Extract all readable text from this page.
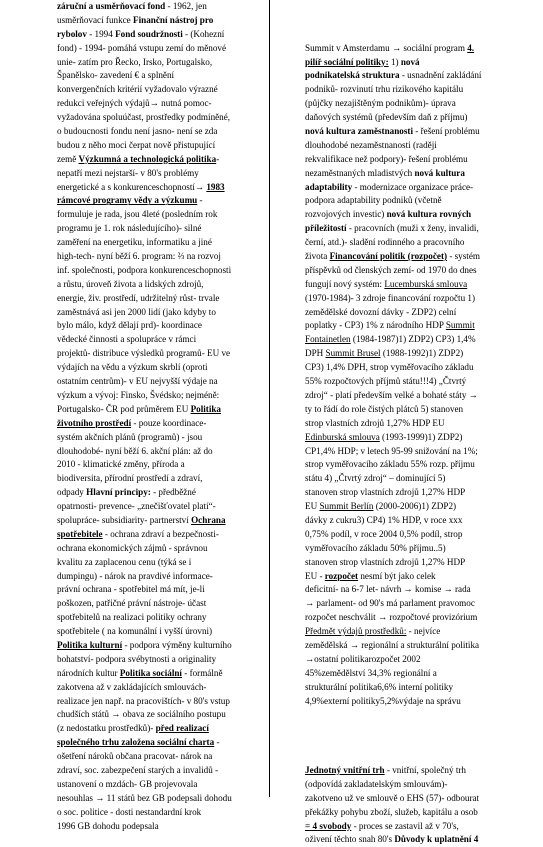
záruční a usměrňovací fond - 1962, jen
usměrňovací funkce Finanční nástroj pro
rybolov - 1994 Fond soudržnosti - (Kohezní
fond) - 1994- pomáhá vstupu zemí do měnové
unie- zatím pro Řecko, Irsko, Portugalsko,
Španělsko- zavedení € a splnění
konvergenčních kritérií vyžadovalo výrazné
redukci veřejných výdajů→ nutná pomoc-
vyžadována spoluúčast, prostředky podmíněné,
o budoucnosti fondu není jasno- není se zda
budou z něho moci čerpat nově přistupující
země Výzkumná a technologická politika-
nepatří mezi nejstarší- v 80's problémy
energetické a s konkurenceschopností→ 1983
rámcové programy vědy a výzkumu -
formuluje je rada, jsou 4leté (posledním rok
programu je 1. rok následujícího)- silné
zaměření na energetiku, informatiku a jiné
high-tech- nyní běží 6. program: ⅔ na rozvoj
inf. společnosti, podpora konkurenceschopnosti
a růstu, úroveň života a lidských zdrojů,
energie, živ. prostředí, udržitelný růst- trvale
zaměstnává asi jen 2000 lidí (jako kdyby to
bylo málo, když dělají prd)- koordinace
vědecké činnosti a spolupráce v rámci
projektů- distribuce výsledků programů- EU ve
výdajích na vědu a výzkum skrblí (oproti
ostatním centrům)- v EU nejvyšší výdaje na
výzkum a vývoj: Finsko, Švédsko; nejméně:
Portugalsko- ČR pod průměrem EU Politika
životního prostředí - pouze koordinace-
systém akčních plánů (programů) - jsou
dlouhodobé- nyní běží 6. akční plán: až do
2010 - klimatické změny, příroda a
biodiversita, přírodní prostředí a zdraví,
odpady Hlavní principy: - předběžné
opatrnosti- prevence- „znečišťovatel platí“-
spolupráce- subsidiarity- partnerství Ochrana
spotřebitele - ochrana zdraví a bezpečnosti-
ochrana ekonomických zájmů - správnou
kvalitu za zaplacenou cenu (týká se i
dumpingu) - nárok na pravdivé informace-
právní ochrana - spotřebitel má mít, je-li
poškozen, patřičné právní nástroje- účast
spotřebitelů na realizaci politiky ochrany
spotřebitele ( na komunální i vyšší úrovni)
Politika kulturní - podpora výměny kulturního
bohatství- podpora svébytnosti a originality
národních kultur Politika sociální - formálně
zakotvena až v zakládajících smlouvách-
realizace jen např. na pracovištích- v 80's vstup
chudších států → obava ze sociálního postupu
(z nedostatku prostředků)- před realizací
společného trhu založena sociální charta -
ošetření nároků občana pracovat- nárok na
zdraví, soc. zabezpečení starých a invalidů -
ustanovení o mzdách- GB projevovala
nesouhlas → 11 států bez GB podepsali dohodu
o soc. politice - dosti nestandardní krok
1996 GB dohodu podepsala
Summit v Amsterdamu → sociální program 4.
pilíř sociální politiky: 1) nová
podnikatelská struktura - usnadnění zakládání
podniků- rozvinutí trhu rizikového kapitálu
(půjčky nezajištěným podnikům)- úprava
daňových systémů (především daň z příjmu)
nová kultura zaměstnanosti - řešení problému
dlouhodobé nezaměstnanosti (raději
rekvalifikace než podpory)- řešení problému
nezaměstnaných mladistvých nová kultura
adaptability - modernizace organizace práce-
podpora adaptability podniků (včetně
rozvojových investic) nová kultura rovných
příležitostí - pracovních (muži x ženy, invalidi,
černí, atd.)- sladění rodinného a pracovního
života Financování politik (rozpočet) - systém
příspěvků od členských zemí- od 1970 do dnes
fungují nový systém: Lucemburská smlouva
(1970-1984)- 3 zdroje financování rozpočtu 1)
zemědělské dovozní dávky - ZDP2) celní
poplatky - CP3) 1% z národního HDP Summit
Fontainetlen (1984-1987)1) ZDP2) CP3) 1,4%
DPH Summit Brusel (1988-1992)1) ZDP2)
CP3) 1,4% DPH, strop vyměřovacího základu
55% rozpočtových příjmů státu!!!4) „Čtvrtý
zdroj“ - platí především velké a bohaté státy →
ty to řádí do role čistých plátců 5) stanoven
strop vlastních zdrojů 1,27% HDP EU
Edinburská smlouva (1993-1999)1) ZDP2)
CP1,4% HDP; v letech 95-99 snižování na 1%;
strop vyměřovacího základu 55% rozp. příjmu
státu 4) „Čtvrtý zdroj“ – dominující 5)
stanoven strop vlastních zdrojů 1,27% HDP
EU Summit Berlín (2000-2006)1) ZDP2)
dávky z cukru3) CP4) 1% HDP, v roce xxx
0,75% podíl, v roce 2004 0,5% podíl, strop
vyměřovacího základu 50% příjmu..5)
stanoven strop vlastních zdrojů 1,27% HDP
EU - rozpočet nesmí být jako celek
deficitní- na 6-7 let- návrh → komise → rada
→ parlament- od 90's má parlament pravomoc
rozpočet neschválit → rozpočtové provizórium
Předmět výdajů prostředků: - nejvíce
zemědělská → regionální a strukturální politika
→ostatní politikarozpočet 2002
45%zemědělství 34,3% regionální a
strukturální politika6,6% interní politiky
4,9%externí politiky5,2%výdaje na správu
Jednotný vnitřní trh - vnitřní, společný trh
(odpovídá zakladatelským smlouvám)-
zakotveno už ve smlouvě o EHS (57)- odbourat
překážky pohybu zboží, služeb, kapitálu a osob
= 4 svobody - proces se zastavil až v 70's,
oživení těchto snah 80's Důvody k uplatnění 4
